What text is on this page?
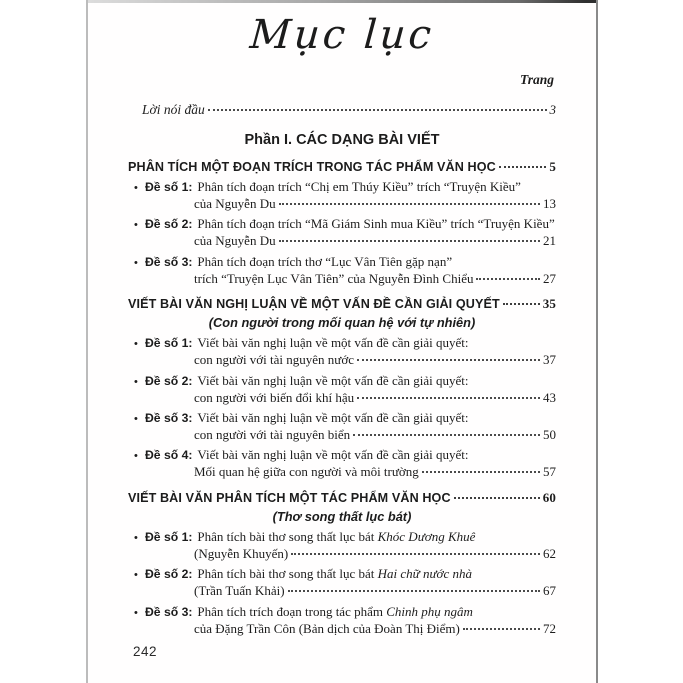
Mục lục
Trang
Lời nói đầu	3
Phần I. CÁC DẠNG BÀI VIẾT
PHÂN TÍCH MỘT ĐOẠN TRÍCH TRONG TÁC PHẨM VĂN HỌC	5
• Đề số 1: Phân tích đoạn trích “Chị em Thúy Kiều” trích “Truyện Kiều”
của Nguyễn Du	13
• Đề số 2: Phân tích đoạn trích “Mã Giám Sinh mua Kiều” trích “Truyện Kiều”
của Nguyễn Du	21
• Đề số 3: Phân tích đoạn trích thơ “Lục Vân Tiên gặp nạn”
trích “Truyện Lục Vân Tiên” của Nguyễn Đình Chiểu	27
VIẾT BÀI VĂN NGHỊ LUẬN VỀ MỘT VẤN ĐỀ CẦN GIẢI QUYẾT	35
(Con người trong mối quan hệ với tự nhiên)
• Đề số 1: Viết bài văn nghị luận về một vấn đề cần giải quyết:
con người với tài nguyên nước	37
• Đề số 2: Viết bài văn nghị luận về một vấn đề cần giải quyết:
con người với biến đổi khí hậu	43
• Đề số 3: Viết bài văn nghị luận về một vấn đề cần giải quyết:
con người với tài nguyên biển	50
• Đề số 4: Viết bài văn nghị luận về một vấn đề cần giải quyết:
Mối quan hệ giữa con người và môi trường	57
VIẾT BÀI VĂN PHÂN TÍCH MỘT TÁC PHẨM VĂN HỌC	60
(Thơ song thất lục bát)
• Đề số 1: Phân tích bài thơ song thất lục bát Khóc Dương Khuê
(Nguyễn Khuyến)	62
• Đề số 2: Phân tích bài thơ song thất lục bát Hai chữ nước nhà
(Trần Tuấn Khải)	67
• Đề số 3: Phân tích trích đoạn trong tác phẩm Chinh phụ ngâm
của Đặng Trần Côn (Bản dịch của Đoàn Thị Điểm)	72
242
